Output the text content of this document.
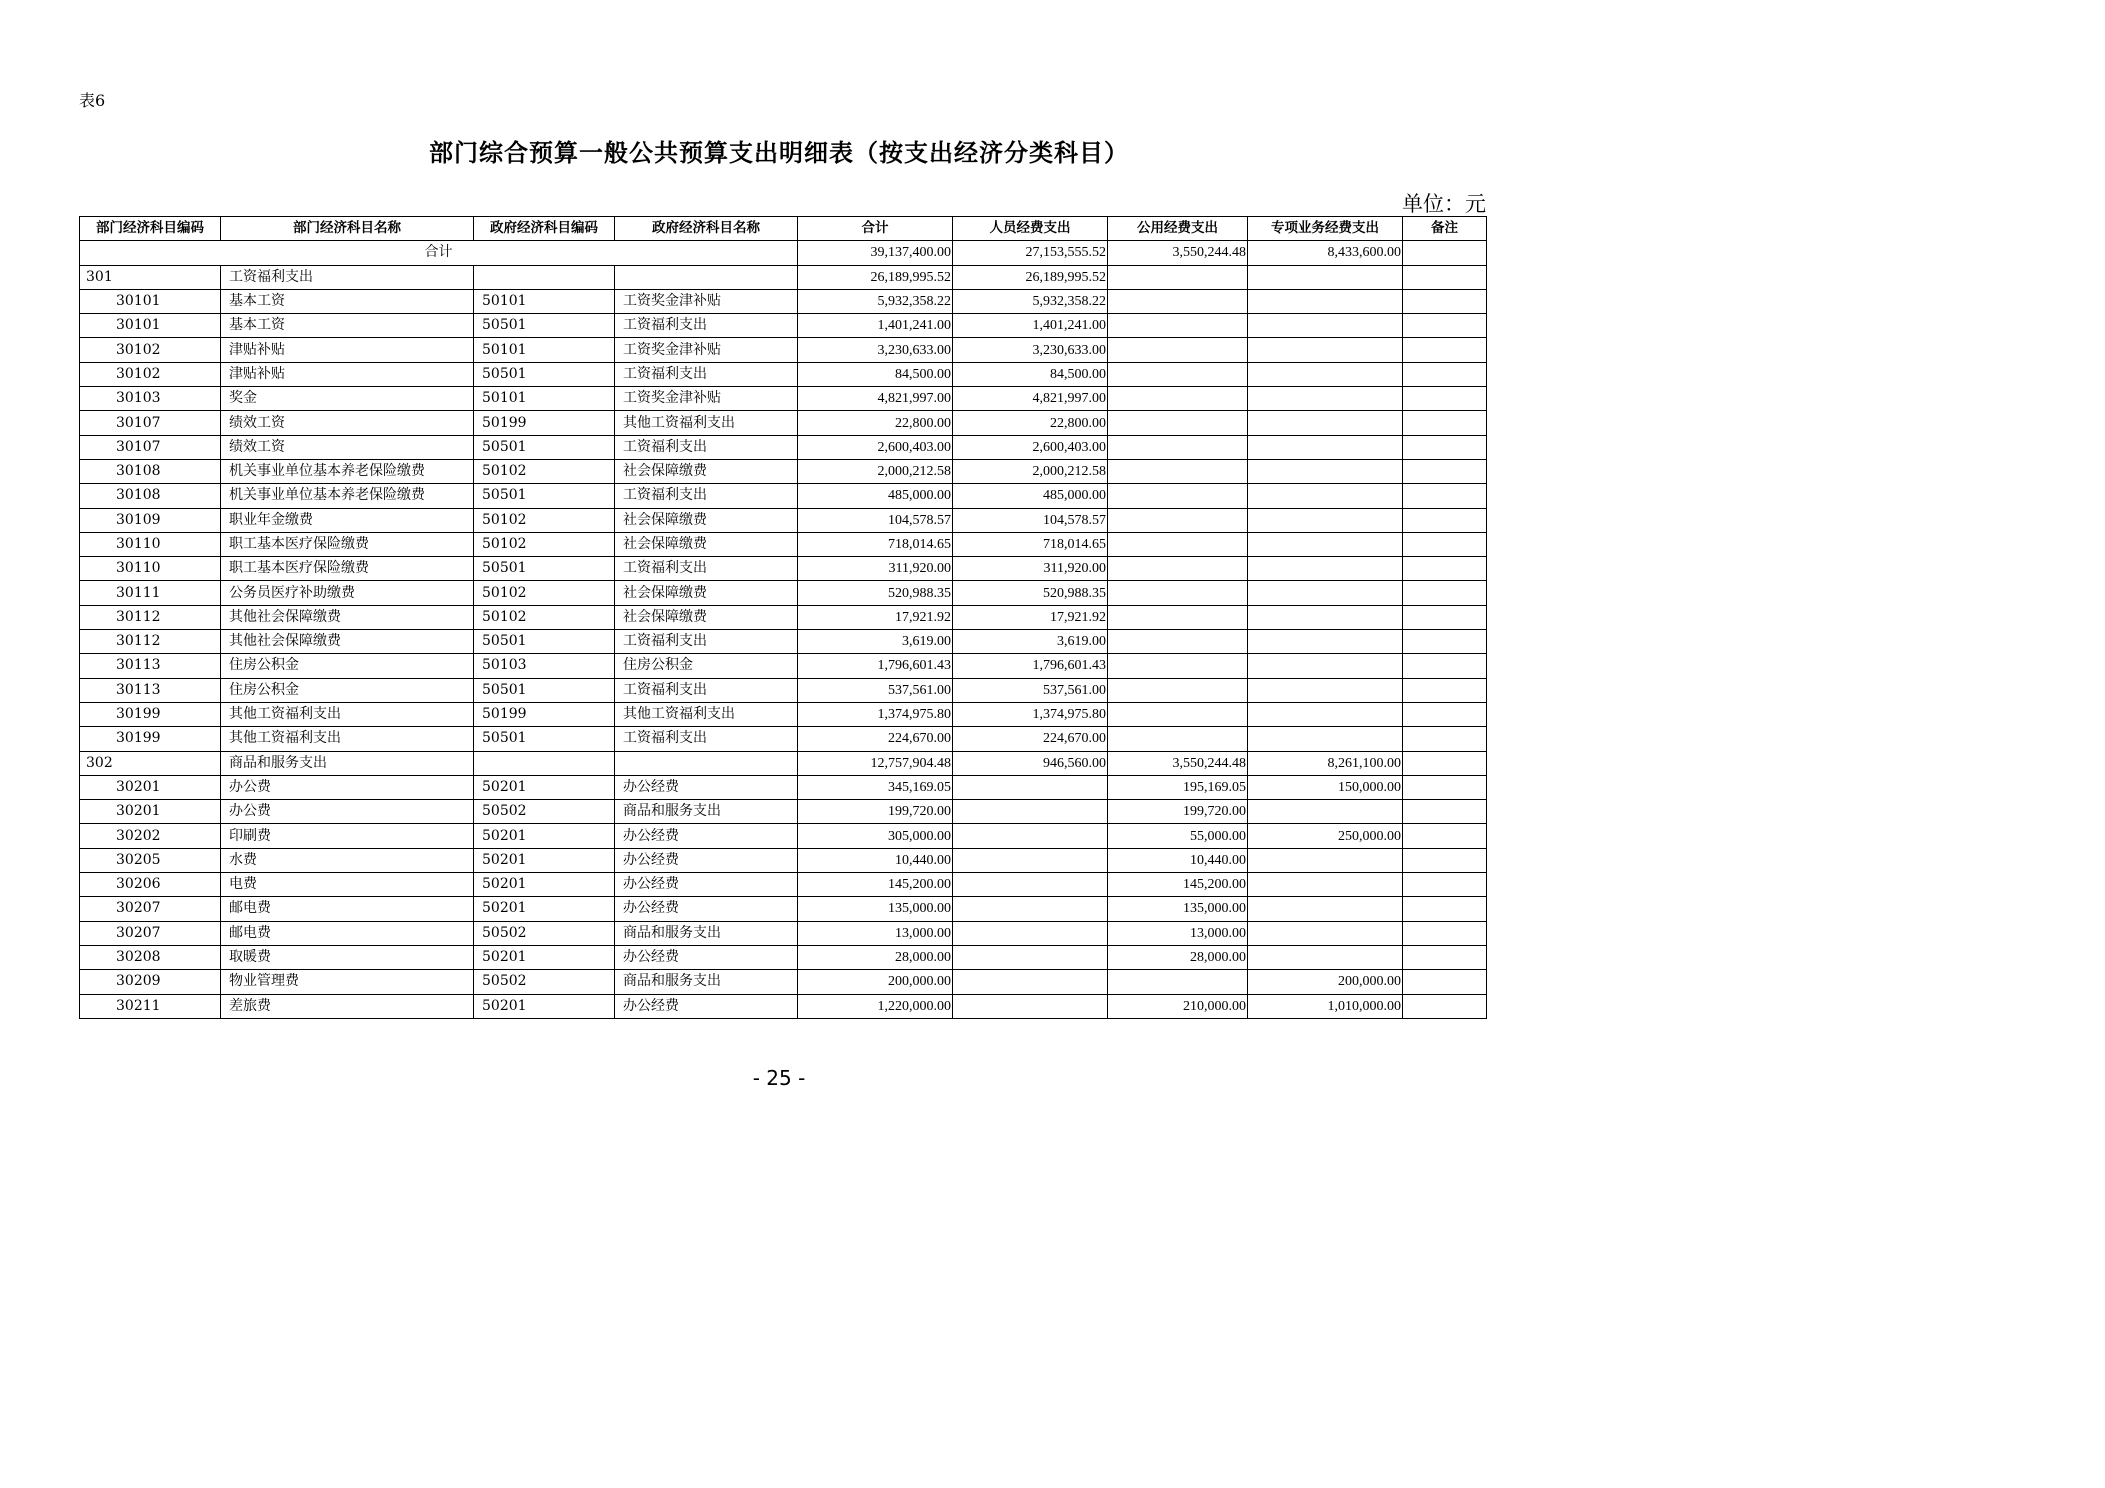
表6
部门综合预算一般公共预算支出明细表（按支出经济分类科目）
单位：元
部门经济科目编码	部门经济科目名称	政府经济科目编码	政府经济科目名称	合计	人员经费支出	公用经费支出	专项业务经费支出	备注
合计				39,137,400.00	27,153,555.52	3,550,244.48	8,433,600.00	
301	工资福利支出			26,189,995.52	26,189,995.52			
30101	基本工资	50101	工资奖金津补贴	5,932,358.22	5,932,358.22			
30101	基本工资	50501	工资福利支出	1,401,241.00	1,401,241.00			
30102	津贴补贴	50101	工资奖金津补贴	3,230,633.00	3,230,633.00			
30102	津贴补贴	50501	工资福利支出	84,500.00	84,500.00			
30103	奖金	50101	工资奖金津补贴	4,821,997.00	4,821,997.00			
30107	绩效工资	50199	其他工资福利支出	22,800.00	22,800.00			
30107	绩效工资	50501	工资福利支出	2,600,403.00	2,600,403.00			
30108	机关事业单位基本养老保险缴费	50102	社会保障缴费	2,000,212.58	2,000,212.58			
30108	机关事业单位基本养老保险缴费	50501	工资福利支出	485,000.00	485,000.00			
30109	职业年金缴费	50102	社会保障缴费	104,578.57	104,578.57			
30110	职工基本医疗保险缴费	50102	社会保障缴费	718,014.65	718,014.65			
30110	职工基本医疗保险缴费	50501	工资福利支出	311,920.00	311,920.00			
30111	公务员医疗补助缴费	50102	社会保障缴费	520,988.35	520,988.35			
30112	其他社会保障缴费	50102	社会保障缴费	17,921.92	17,921.92			
30112	其他社会保障缴费	50501	工资福利支出	3,619.00	3,619.00			
30113	住房公积金	50103	住房公积金	1,796,601.43	1,796,601.43			
30113	住房公积金	50501	工资福利支出	537,561.00	537,561.00			
30199	其他工资福利支出	50199	其他工资福利支出	1,374,975.80	1,374,975.80			
30199	其他工资福利支出	50501	工资福利支出	224,670.00	224,670.00			
302	商品和服务支出			12,757,904.48	946,560.00	3,550,244.48	8,261,100.00	
30201	办公费	50201	办公经费	345,169.05		195,169.05	150,000.00	
30201	办公费	50502	商品和服务支出	199,720.00		199,720.00		
30202	印刷费	50201	办公经费	305,000.00		55,000.00	250,000.00	
30205	水费	50201	办公经费	10,440.00		10,440.00		
30206	电费	50201	办公经费	145,200.00		145,200.00		
30207	邮电费	50201	办公经费	135,000.00		135,000.00		
30207	邮电费	50502	商品和服务支出	13,000.00		13,000.00		
30208	取暖费	50201	办公经费	28,000.00		28,000.00		
30209	物业管理费	50502	商品和服务支出	200,000.00			200,000.00	
30211	差旅费	50201	办公经费	1,220,000.00		210,000.00	1,010,000.00	
- 25 -
